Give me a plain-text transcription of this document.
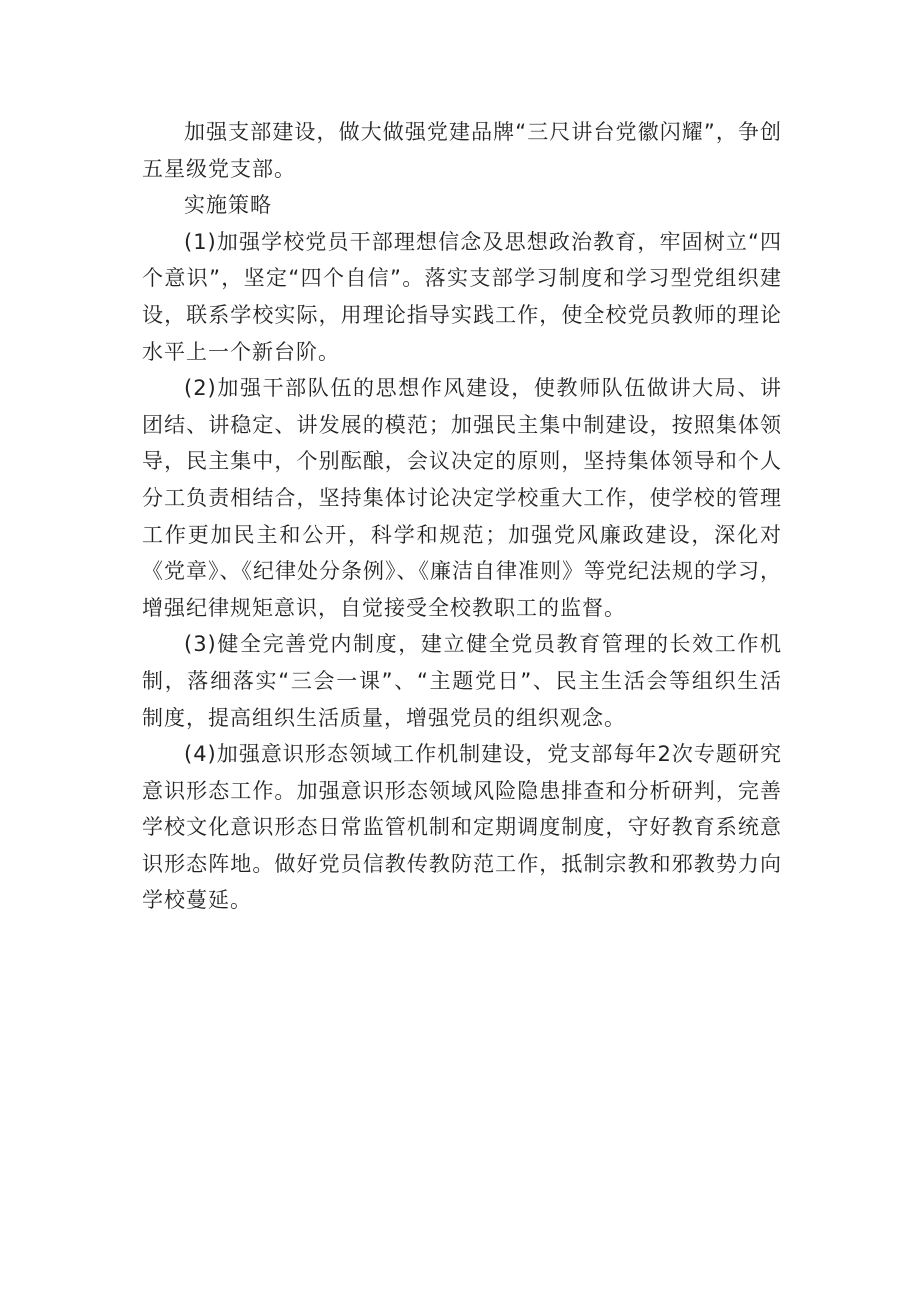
加强支部建设，做大做强党建品牌“三尺讲台党徽闪耀”，争创五星级党支部。

实施策略

(1)加强学校党员干部理想信念及思想政治教育，牢固树立“四个意识”，坚定“四个自信”。落实支部学习制度和学习型党组织建设，联系学校实际，用理论指导实践工作，使全校党员教师的理论水平上一个新台阶。

(2)加强干部队伍的思想作风建设，使教师队伍做讲大局、讲团结、讲稳定、讲发展的模范；加强民主集中制建设，按照集体领导，民主集中，个别酝酿，会议决定的原则，坚持集体领导和个人分工负责相结合，坚持集体讨论决定学校重大工作，使学校的管理工作更加民主和公开，科学和规范；加强党风廉政建设，深化对《党章》、《纪律处分条例》、《廉洁自律准则》等党纪法规的学习，增强纪律规矩意识，自觉接受全校教职工的监督。

(3)健全完善党内制度，建立健全党员教育管理的长效工作机制，落细落实“三会一课”、“主题党日”、民主生活会等组织生活制度，提高组织生活质量，增强党员的组织观念。

(4)加强意识形态领域工作机制建设，党支部每年2次专题研究意识形态工作。加强意识形态领域风险隐患排查和分析研判，完善学校文化意识形态日常监管机制和定期调度制度，守好教育系统意识形态阵地。做好党员信教传教防范工作，抵制宗教和邪教势力向学校蔓延。
